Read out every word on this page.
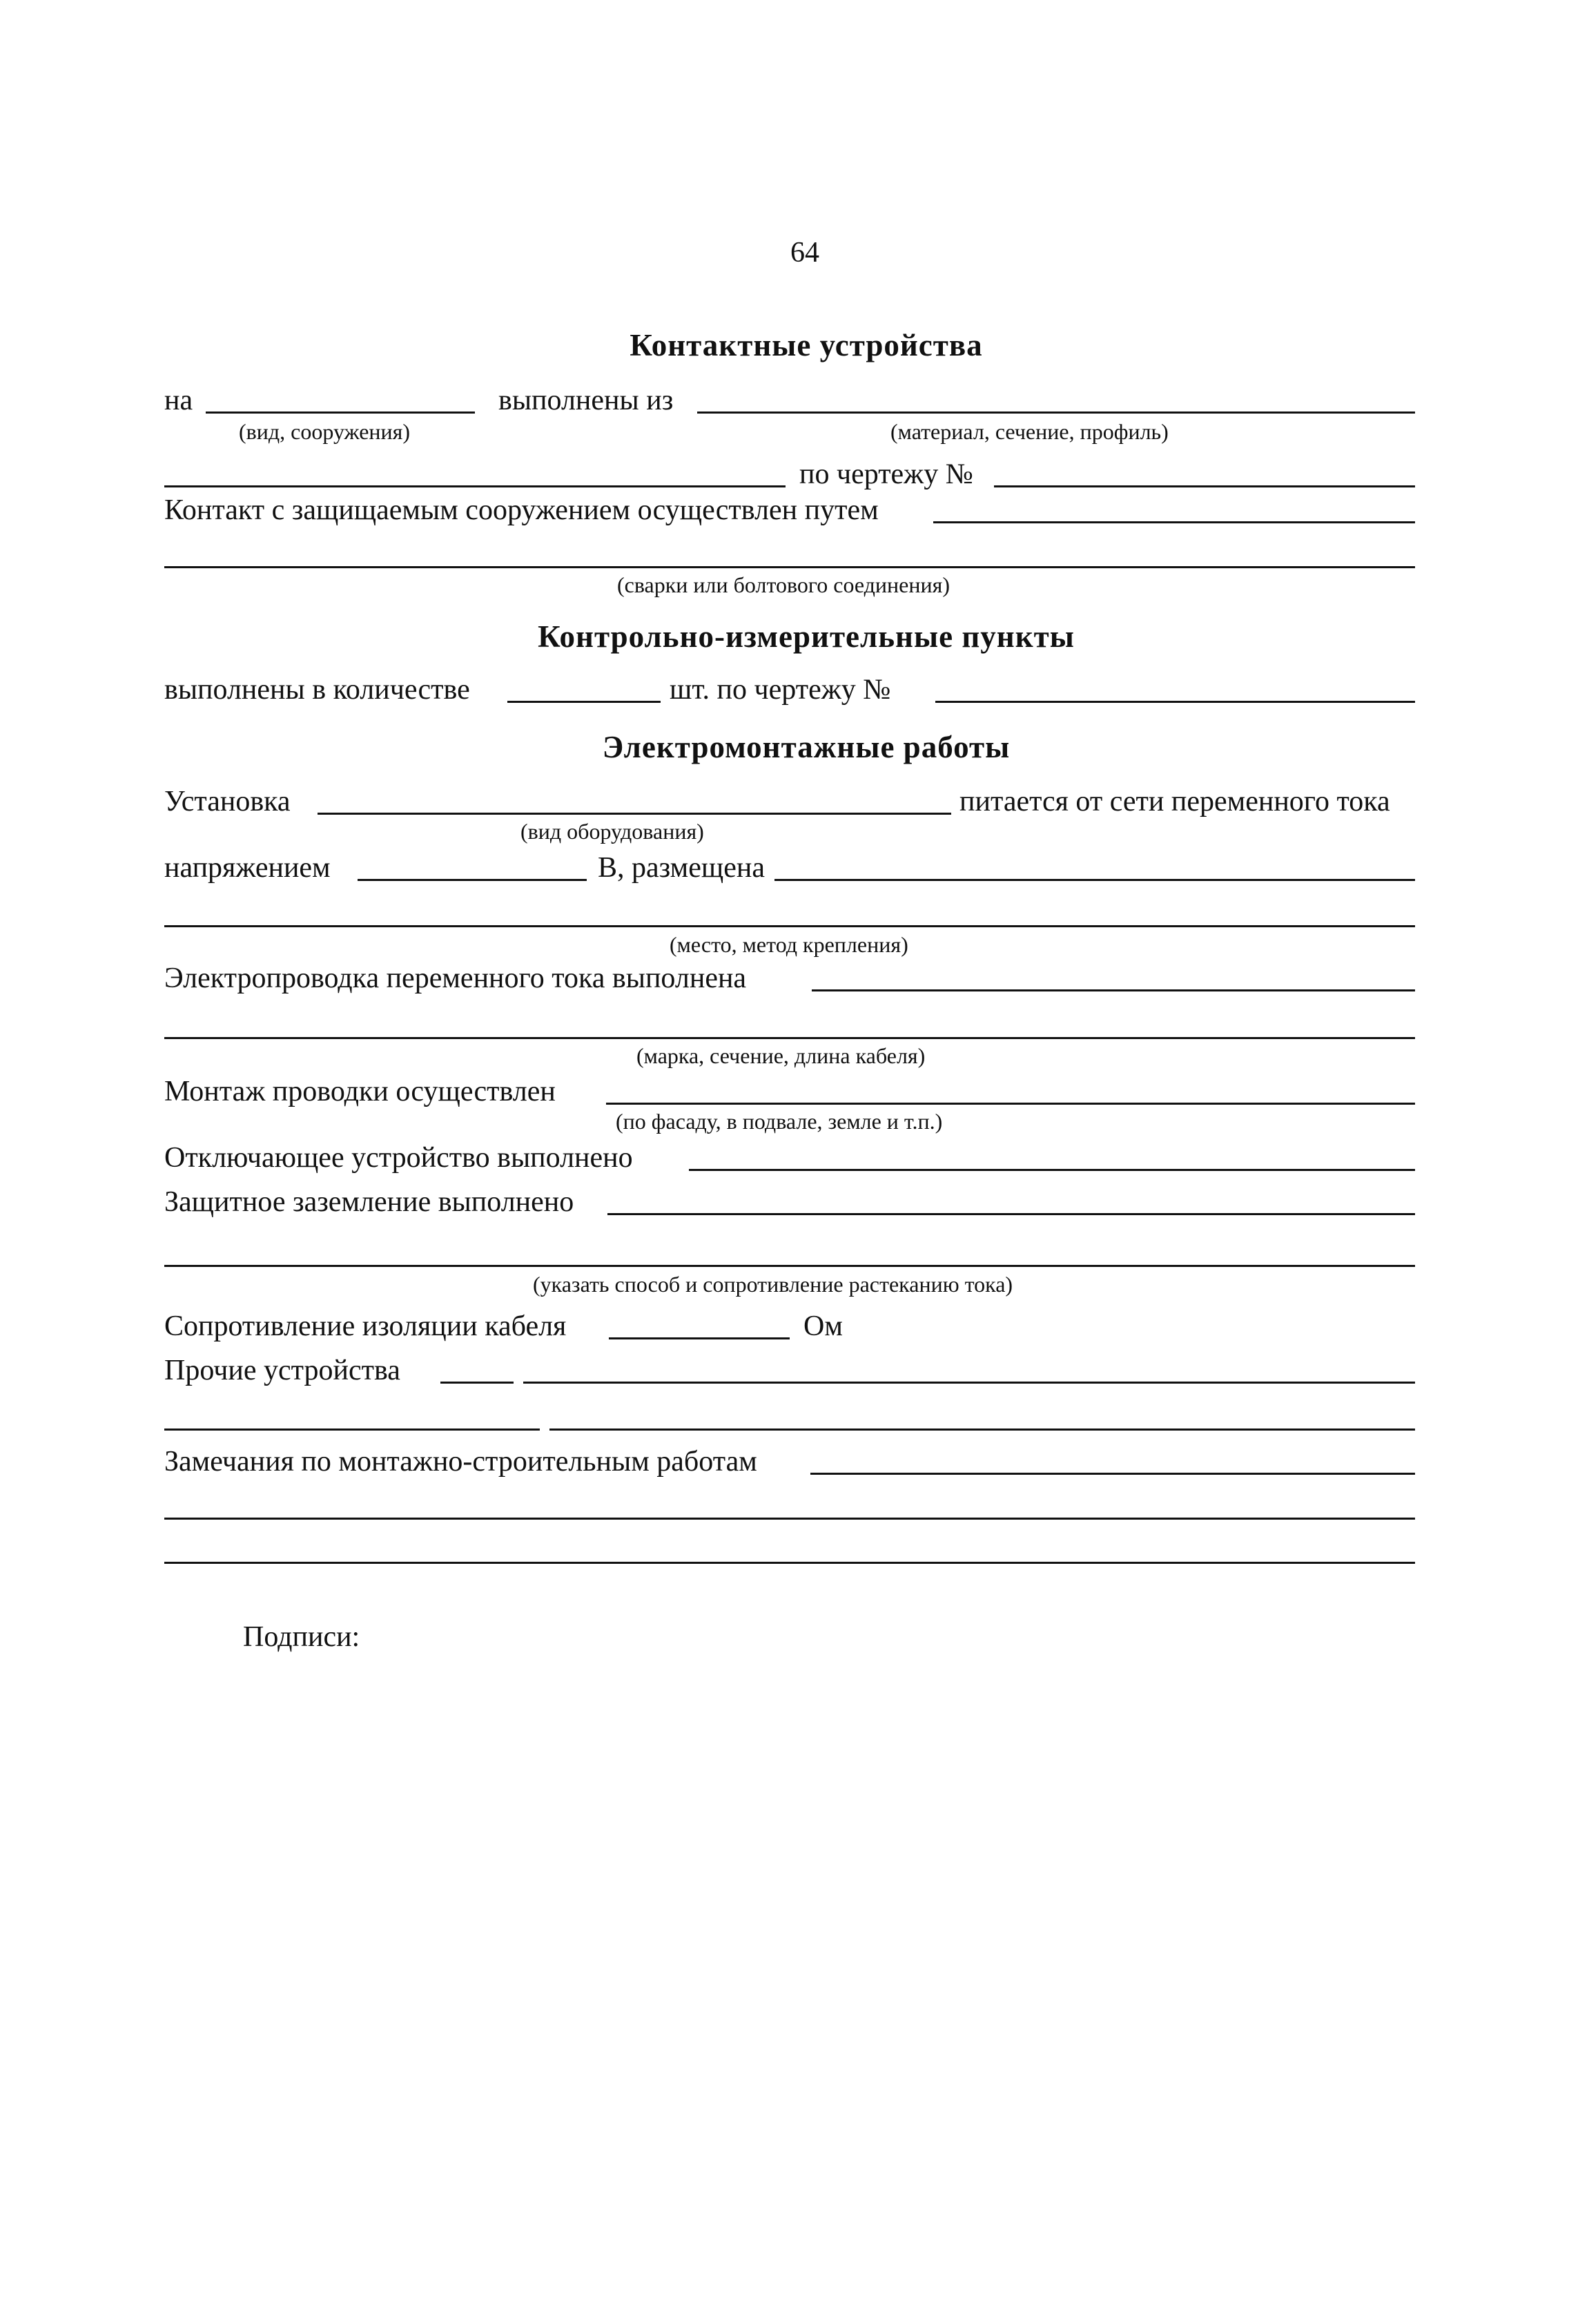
64
Контактные устройства
на	выполнены из
(вид, сооружения)	(материал, сечение, профиль)
по чертежу №
Контакт с защищаемым сооружением осуществлен путем
(сварки или болтового соединения)
Контрольно-измерительные пункты
выполнены в количестве	шт. по чертежу №
Электромонтажные работы
Установка	питается от сети переменного тока
(вид оборудования)
напряжением	В, размещена
(место, метод крепления)
Электропроводка переменного тока выполнена
(марка, сечение, длина кабеля)
Монтаж проводки осуществлен
(по фасаду, в подвале, земле и т.п.)
Отключающее устройство выполнено
Защитное заземление выполнено
(указать способ и сопротивление растеканию тока)
Сопротивление изоляции кабеля	Ом
Прочие устройства
Замечания по монтажно-строительным работам
Подписи:
